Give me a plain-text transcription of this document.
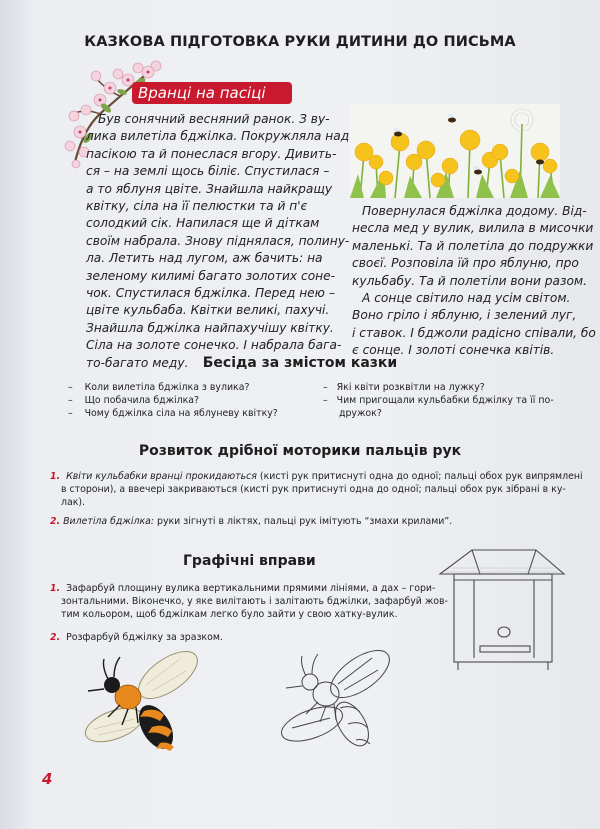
КАЗКОВА ПІДГОТОВКА РУКИ ДИТИНИ ДО ПИСЬМА
Вранці на пасіці
Був сонячний весняний ранок. З ву-
лика вилетіла бджілка. Покружляла над
пасікою та й понеслася вгору. Дивить-
ся – на землі щось біліє. Спустилася –
а то яблуня цвіте. Знайшла найкращу
квітку, сіла на її пелюстки та й п'є
солодкий сік. Напилася ще й діткам
своїм набрала. Знову піднялася, полину-
ла. Летить над лугом, аж бачить: на
зеленому килимі багато золотих соне-
чок. Спустилася бджілка. Перед нею –
цвіте кульбаба. Квітки великі, пахучі.
Знайшла бджілка найпахучішу квітку.
Сіла на золоте сонечко. І набрала бага-
то-багато меду.
Повернулася бджілка додому. Від-
несла мед у вулик, вилила в мисочки
маленькі. Та й полетіла до подружки
своєї. Розповіла їй про яблуню, про
кульбабу. Та й полетіли вони разом.
А сонце світило над усім світом.
Воно гріло і яблуню, і зелений луг,
і ставок. І бджоли радісно співали, бо
є сонце. І золоті сонечка квітів.
Бесіда за змістом казки
– Коли вилетіла бджілка з вулика?
– Що побачила бджілка?
– Чому бджілка сіла на яблуневу квітку?
– Які квіти розквітли на лужку?
– Чим пригощали кульбабки бджілку та її по-
дружок?
Розвиток дрібної моторики пальців рук
1. Квіти кульбабки вранці прокидаються (кисті рук притиснуті одна до одної; пальці обох рук випрямлені
в сторони), а ввечері закриваються (кисті рук притиснуті одна до одної; пальці обох рук зібрані в ку-
лак).
2. Вилетіла бджілка: руки зігнуті в ліктях, пальці рук імітують “змахи крилами”.
Графічні вправи
1. Зафарбуй площину вулика вертикальними прямими лініями, а дах – гори-
зонтальними. Віконечко, у яке вилітають і залітають бджілки, зафарбуй жов-
тим кольором, щоб бджілкам легко було зайти у свою хатку-вулик.
2. Розфарбуй бджілку за зразком.
4
